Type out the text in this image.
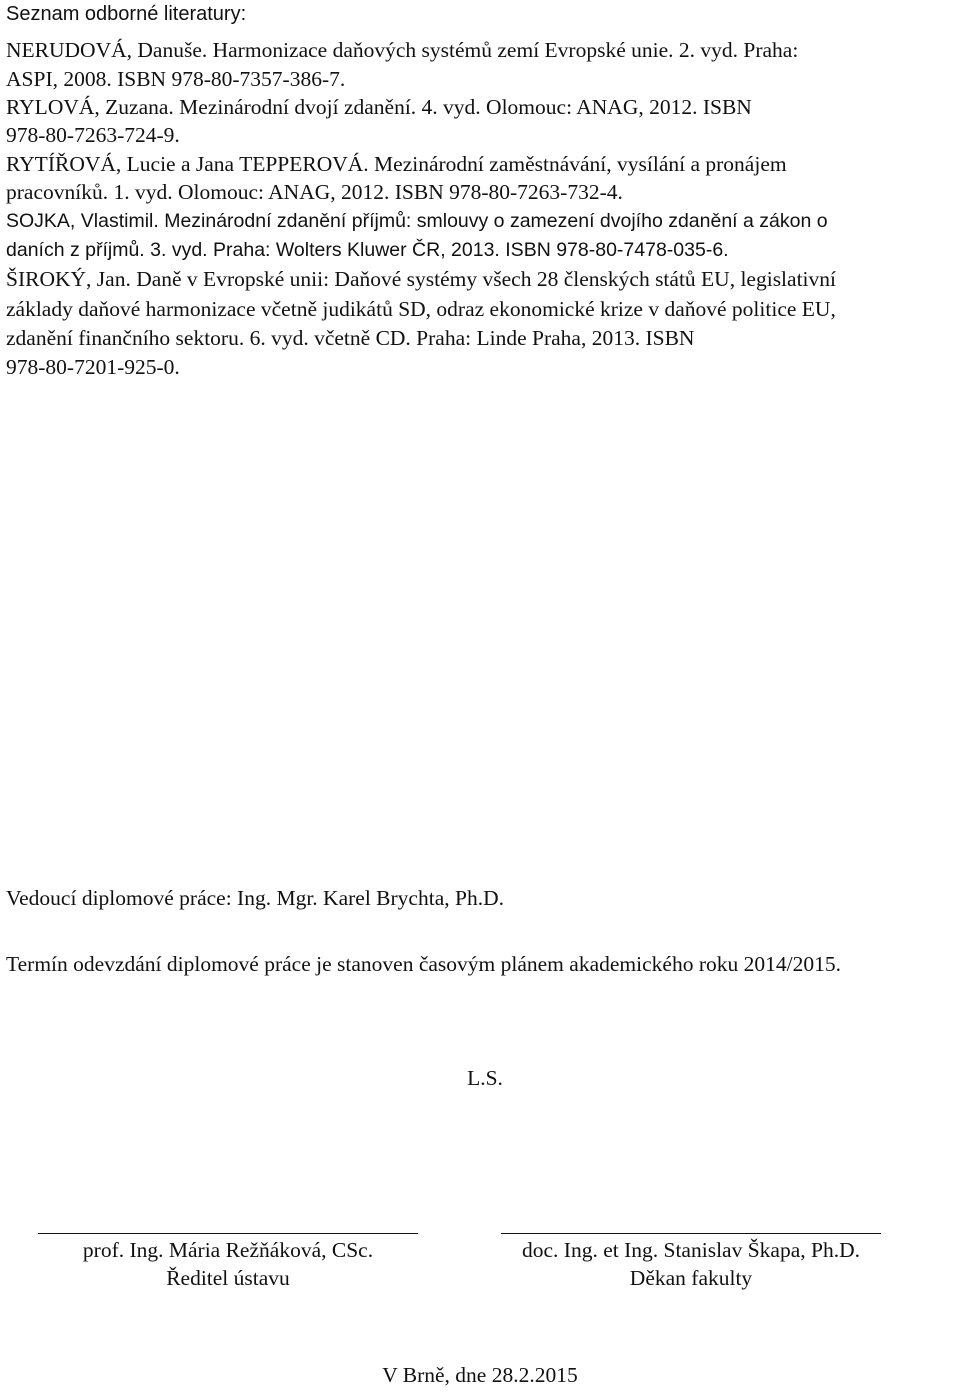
Seznam odborné literatury:
NERUDOVÁ, Danuše. Harmonizace daňových systémů zemí Evropské unie. 2. vyd. Praha:
ASPI, 2008. ISBN 978-80-7357-386-7.
RYLOVÁ, Zuzana. Mezinárodní dvojí zdanění. 4. vyd. Olomouc: ANAG, 2012. ISBN
978-80-7263-724-9.
RYTÍŘOVÁ, Lucie a Jana TEPPEROVÁ. Mezinárodní zaměstnávání, vysílání a pronájem
pracovníků. 1. vyd. Olomouc: ANAG, 2012. ISBN 978-80-7263-732-4.
SOJKA, Vlastimil. Mezinárodní zdanění příjmů: smlouvy o zamezení dvojího zdanění a zákon o
daních z příjmů. 3. vyd. Praha: Wolters Kluwer ČR, 2013. ISBN 978-80-7478-035-6.
ŠIROKÝ, Jan. Daně v Evropské unii: Daňové systémy všech 28 členských států EU, legislativní
základy daňové harmonizace včetně judikátů SD, odraz ekonomické krize v daňové politice EU,
zdanění finančního sektoru. 6. vyd. včetně CD. Praha: Linde Praha, 2013. ISBN
978-80-7201-925-0.
Vedoucí diplomové práce: Ing. Mgr. Karel Brychta, Ph.D.
Termín odevzdání diplomové práce je stanoven časovým plánem akademického roku 2014/2015.
L.S.
prof. Ing. Mária Režňáková, CSc.
Ředitel ústavu
doc. Ing. et Ing. Stanislav Škapa, Ph.D.
Děkan fakulty
V Brně, dne 28.2.2015
